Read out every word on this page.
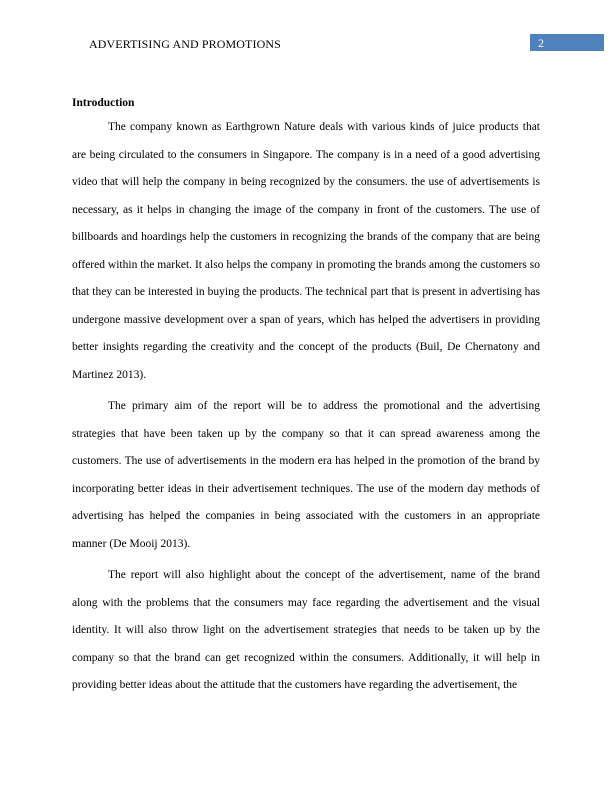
ADVERTISING AND PROMOTIONS	2
Introduction

The company known as Earthgrown Nature deals with various kinds of juice products that are being circulated to the consumers in Singapore. The company is in a need of a good advertising video that will help the company in being recognized by the consumers. the use of advertisements is necessary, as it helps in changing the image of the company in front of the customers. The use of billboards and hoardings help the customers in recognizing the brands of the company that are being offered within the market. It also helps the company in promoting the brands among the customers so that they can be interested in buying the products. The technical part that is present in advertising has undergone massive development over a span of years, which has helped the advertisers in providing better insights regarding the creativity and the concept of the products (Buil, De Chernatony and Martinez 2013).

The primary aim of the report will be to address the promotional and the advertising strategies that have been taken up by the company so that it can spread awareness among the customers. The use of advertisements in the modern era has helped in the promotion of the brand by incorporating better ideas in their advertisement techniques. The use of the modern day methods of advertising has helped the companies in being associated with the customers in an appropriate manner (De Mooij 2013).

The report will also highlight about the concept of the advertisement, name of the brand along with the problems that the consumers may face regarding the advertisement and the visual identity. It will also throw light on the advertisement strategies that needs to be taken up by the company so that the brand can get recognized within the consumers. Additionally, it will help in providing better ideas about the attitude that the customers have regarding the advertisement, the
